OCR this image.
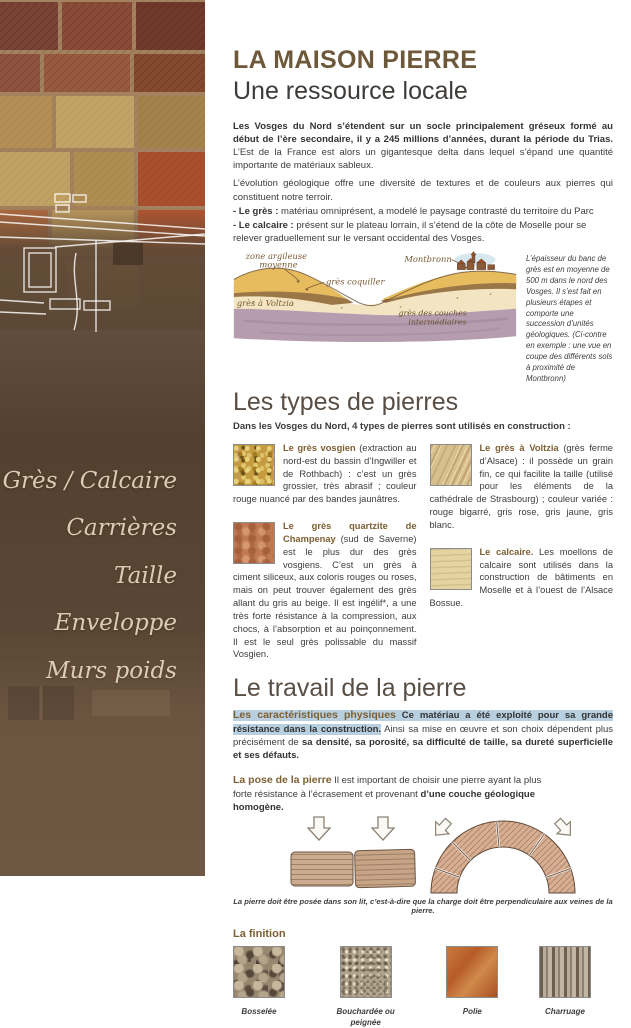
Grès / Calcaire
Carrières
Taille
Enveloppe
Murs poids
LA MAISON PIERRE
Une ressource locale

Les Vosges du Nord s’étendent sur un socle principalement gréseux formé au début de l’ère secondaire, il y a 245 millions d’années, durant la période du Trias. L’Est de la France est alors un gigantesque delta dans lequel s’épand une quantité importante de matériaux sableux.

L’évolution géologique offre une diversité de textures et de couleurs aux pierres qui constituent notre terroir.

- Le grès : matériau omniprésent, a modelé le paysage contrasté du territoire du Parc

- Le calcaire : présent sur le plateau lorrain, il s’étend de la côte de Moselle pour se relever graduellement sur le versant occidental des Vosges.

zone argileuse
moyenne
grès coquiller
Montbronn
grès à Voltzia
grès des couches
intermédiaires
L’épaisseur du banc de grès est en moyenne de 500 m dans le nord des Vosges. Il s’est fait en plusieurs étapes et comporte une succession d’unités géologiques. (Ci-contre en exemple : une vue en coupe des différents sols à proximité de Montbronn)
Les types de pierres

Dans les Vosges du Nord, 4 types de pierres sont utilisés en construction :

Le grès vosgien (extraction au nord-est du bassin d’Ingwiller et de Rothbach) : c’est un grès grossier, très abrasif ; couleur rouge nuancé par des bandes jaunâtres.

Le grès quartzite de Champenay (sud de Saverne) est le plus dur des grès vosgiens. C’est un grès à ciment siliceux, aux coloris rouges ou roses, mais on peut trouver également des grès allant du gris au beige. Il est ingélif*, a une très forte résistance à la compression, aux chocs, à l’absorption et au poinçonnement. Il est le seul grès polissable du massif Vosgien.

Le grès à Voltzia (grès ferme d’Alsace) : il possède un grain fin, ce qui facilite la taille (utilisé pour les éléments de la cathédrale de Strasbourg) ; couleur variée : rouge bigarré, gris rose, gris jaune, gris blanc.

Le calcaire. Les moellons de calcaire sont utilisés dans la construction de bâtiments en Moselle et à l’ouest de l’Alsace Bossue.

Le travail de la pierre

Les caractéristiques physiques Ce matériau a été exploité pour sa grande résistance dans la construction. Ainsi sa mise en œuvre et son choix dépendent plus précisément de sa densité, sa porosité, sa difficulté de taille, sa dureté superficielle et ses défauts.

La pose de la pierre Il est important de choisir une pierre ayant la plus forte résistance à l’écrasement et provenant d’une couche géologique homogène.

La pierre doit être posée dans son lit, c’est-à-dire que la charge doit être perpendiculaire aux veines de la pierre.
La finition
Bosselée	Bouchardée ou peignée
Polie	Charruage
